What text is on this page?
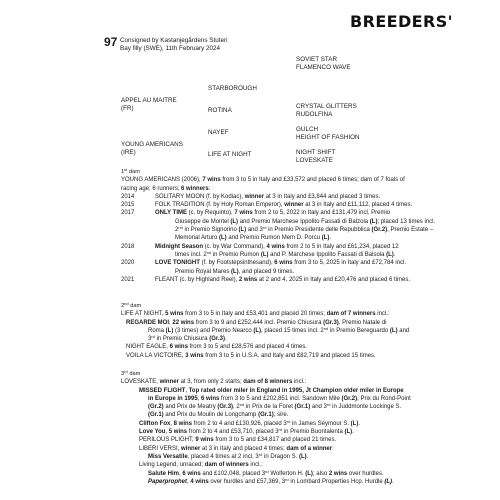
BREEDERS'
97 Consigned by Kastanjegårdens Stuteri
Bay filly (SWE), 11th February 2024
APPEL AU MAITRE
(FR)
YOUNG AMERICANS
(IRE)
STARBOROUGH
ROTINA
NAYEF
LIFE AT NIGHT
SOVIET STAR
FLAMENCO WAVE
CRYSTAL GLITTERS
RUDOLFINA
GULCH
HEIGHT OF FASHION
NIGHT SHIFT
LOVESKATE
1st dam
YOUNG AMERICANS (2006), 7 wins from 3 to 5 in Italy and £33,572 and placed 6 times; dam of 7 foals of
racing age; 6 runners; 6 winners:
2014	SOLITARY MOON (f. by Kodiac), winner at 3 in Italy and £3,844 and placed 3 times.
2015	FOLK TRADITION (f. by Holy Roman Emperor), winner at 3 in Italy and £11,112, placed 4 times.
2017	ONLY TIME (c. by Requinto), 7 wins from 2 to 5, 2022 in Italy and £131,479 incl. Premio
Giuseppe de Montel (L) and Premio Marchese Ippolito Fassati di Balzola (L); placed 13 times incl.
2nd in Premio Signorino (L) and 3rd in Premio Presidente delle Repubblica (Gr.2), Premio Estate –
Memorial Arturo (L) and Premio Rumon Mem D. Porcu (L).
2018	Midnight Season (c. by War Command), 4 wins from 2 to 5 in Italy and £61,234, placed 12
times incl. 2nd in Premio Rumon (L) and P. Marchese Ippolito Fassati di Balsola (L).
2020	LOVE TONIGHT (f. by Footstepsinthesand), 6 wins from 3 to 5, 2025 in Italy and £72,784 incl.
Premio Royal Mares (L), and placed 9 times.
2021	FLEANT (c. by Highland Reel), 2 wins at 2 and 4, 2025 in Italy and £20,476 and placed 6 times.
2nd dam
LIFE AT NIGHT, 5 wins from 3 to 5 in Italy and £53,401 and placed 20 times; dam of 7 winners incl.:
REGARDE MOI, 22 wins from 3 to 9 and £252,444 incl. Premio Chiusura (Gr.3), Premio Natale di
Roma (L) (3 times) and Premio Nearco (L), placed 15 times incl. 2nd in Premio Bereguardo (L) and
3rd in Premio Chiusura (Gr.3).
NIGHT EAGLE, 6 wins from 3 to 5 and £28,576 and placed 4 times.
VOILA LA VICTOIRE, 3 wins from 3 to 5 in U.S.A. and Italy and £82,719 and placed 15 times.
3rd dam
LOVESKATE, winner at 3, from only 2 starts; dam of 8 winners incl.:
MISSED FLIGHT, Top rated older miler in England in 1995, Jt Champion older miler in Europe
in Europe in 1995, 6 wins from 3 to 5 and £202,851 incl. Sandown Mile (Gr.2), Prix du Rond-Point
(Gr.2) and Prix de Meatry (Gr.3), 2nd in Prix de la Foret (Gr.1) and 3rd in Juddmonte Lockinge S.
(Gr.1) and Prix du Moulin de Longchamp (Gr.1); sire.
Clifton Fox, 8 wins from 2 to 4 and £130,926, placed 3rd in James Seymour S. (L).
Love You, 5 wins from 2 to 4 and £53,710, placed 3rd in Premio Buontalenta (L).
PERILOUS PLIGHT, 9 wins from 3 to 5 and £34,817 and placed 21 times.
LIBERI VERSI, winner at 3 in Italy and placed 4 times; dam of a winner:
Miss Versatile, placed 4 times at 2 incl. 3rd in Dragon S. (L).
Living Legend, unraced; dam of winners incl.:
Salute Him, 6 wins and £102,048, placed 3rd Wolferton H. (L); also 2 wins over hurdles.
Paperprophet, 4 wins over hurdles and £57,369, 3rd in Lombard Properties Hcp. Hurdle (L).
